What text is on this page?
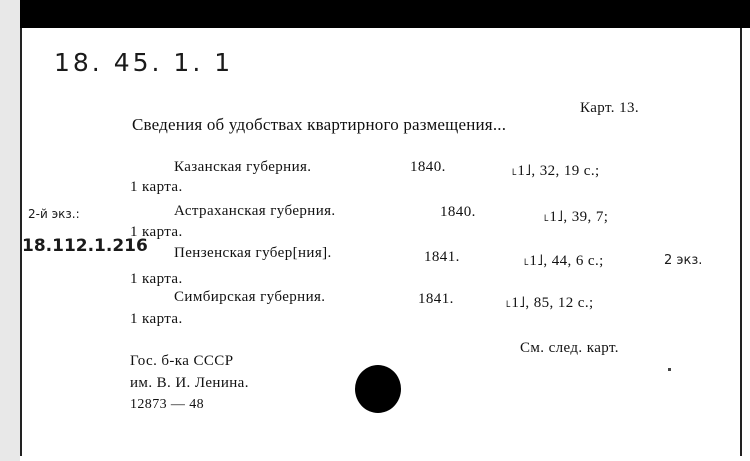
18. 45. 1. 1
Карт. 13.
Сведения об удобствах квартирного размещения...
Казанская губерния.	1840.	˪1˩, 32, 19 с.;
1 карта.
2-й экз.:	Астраханская губерния.	1840.	˪1˩, 39, 7;
1 карта.
18.112.1.216 Пензенская губер[ния].	1841.	˪1˩, 44, 6 с.;	2 экз.
1 карта.
Симбирская губерния.	1841.	˪1˩, 85, 12 с.;
1 карта.
См. след. карт.
Гос. б-ка СССР
им. В. И. Ленина.
12873 — 48
